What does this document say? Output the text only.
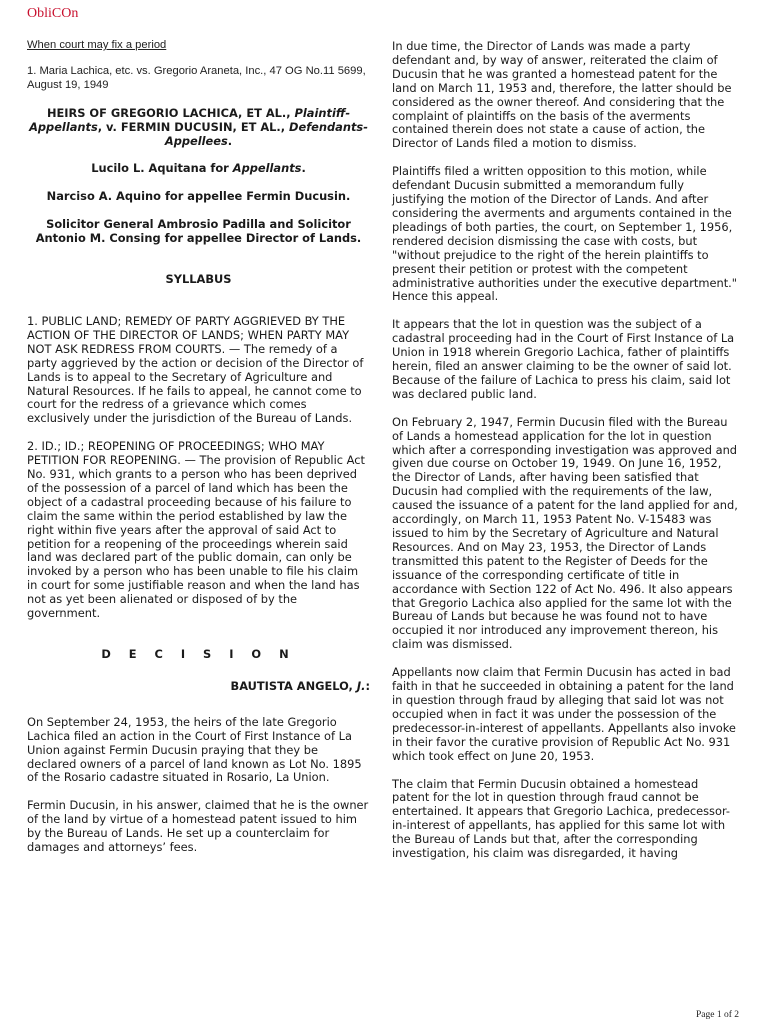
ObliCOn

When court may fix a period

1. Maria Lachica, etc. vs. Gregorio Araneta, Inc., 47 OG No.11 5699, August 19, 1949

HEIRS OF GREGORIO LACHICA, ET AL., Plaintiff-Appellants, v. FERMIN DUCUSIN, ET AL., Defendants-Appellees.

Lucilo L. Aquitana for Appellants.

Narciso A. Aquino for appellee Fermin Ducusin.

Solicitor General Ambrosio Padilla and Solicitor Antonio M. Consing for appellee Director of Lands.

SYLLABUS

1. PUBLIC LAND; REMEDY OF PARTY AGGRIEVED BY THE ACTION OF THE DIRECTOR OF LANDS; WHEN PARTY MAY NOT ASK REDRESS FROM COURTS. — The remedy of a party aggrieved by the action or decision of the Director of Lands is to appeal to the Secretary of Agriculture and Natural Resources. If he fails to appeal, he cannot come to court for the redress of a grievance which comes exclusively under the jurisdiction of the Bureau of Lands.

2. ID.; ID.; REOPENING OF PROCEEDINGS; WHO MAY PETITION FOR REOPENING. — The provision of Republic Act No. 931, which grants to a person who has been deprived of the possession of a parcel of land which has been the object of a cadastral proceeding because of his failure to claim the same within the period established by law the right within five years after the approval of said Act to petition for a reopening of the proceedings wherein said land was declared part of the public domain, can only be invoked by a person who has been unable to file his claim in court for some justifiable reason and when the land has not as yet been alienated or disposed of by the government.

D E C I S I O N

BAUTISTA ANGELO, J.:

On September 24, 1953, the heirs of the late Gregorio Lachica filed an action in the Court of First Instance of La Union against Fermin Ducusin praying that they be declared owners of a parcel of land known as Lot No. 1895 of the Rosario cadastre situated in Rosario, La Union.

Fermin Ducusin, in his answer, claimed that he is the owner of the land by virtue of a homestead patent issued to him by the Bureau of Lands. He set up a counterclaim for damages and attorneys’ fees.

In due time, the Director of Lands was made a party defendant and, by way of answer, reiterated the claim of Ducusin that he was granted a homestead patent for the land on March 11, 1953 and, therefore, the latter should be considered as the owner thereof. And considering that the complaint of plaintiffs on the basis of the averments contained therein does not state a cause of action, the Director of Lands filed a motion to dismiss.

Plaintiffs filed a written opposition to this motion, while defendant Ducusin submitted a memorandum fully justifying the motion of the Director of Lands. And after considering the averments and arguments contained in the pleadings of both parties, the court, on September 1, 1956, rendered decision dismissing the case with costs, but "without prejudice to the right of the herein plaintiffs to present their petition or protest with the competent administrative authorities under the executive department." Hence this appeal.

It appears that the lot in question was the subject of a cadastral proceeding had in the Court of First Instance of La Union in 1918 wherein Gregorio Lachica, father of plaintiffs herein, filed an answer claiming to be the owner of said lot. Because of the failure of Lachica to press his claim, said lot was declared public land.

On February 2, 1947, Fermin Ducusin filed with the Bureau of Lands a homestead application for the lot in question which after a corresponding investigation was approved and given due course on October 19, 1949. On June 16, 1952, the Director of Lands, after having been satisfied that Ducusin had complied with the requirements of the law, caused the issuance of a patent for the land applied for and, accordingly, on March 11, 1953 Patent No. V-15483 was issued to him by the Secretary of Agriculture and Natural Resources. And on May 23, 1953, the Director of Lands transmitted this patent to the Register of Deeds for the issuance of the corresponding certificate of title in accordance with Section 122 of Act No. 496. It also appears that Gregorio Lachica also applied for the same lot with the Bureau of Lands but because he was found not to have occupied it nor introduced any improvement thereon, his claim was dismissed.

Appellants now claim that Fermin Ducusin has acted in bad faith in that he succeeded in obtaining a patent for the land in question through fraud by alleging that said lot was not occupied when in fact it was under the possession of the predecessor-in-interest of appellants. Appellants also invoke in their favor the curative provision of Republic Act No. 931 which took effect on June 20, 1953.

The claim that Fermin Ducusin obtained a homestead patent for the lot in question through fraud cannot be entertained. It appears that Gregorio Lachica, predecessor-in-interest of appellants, has applied for this same lot with the Bureau of Lands but that, after the corresponding investigation, his claim was disregarded, it having

Page 1 of 2
